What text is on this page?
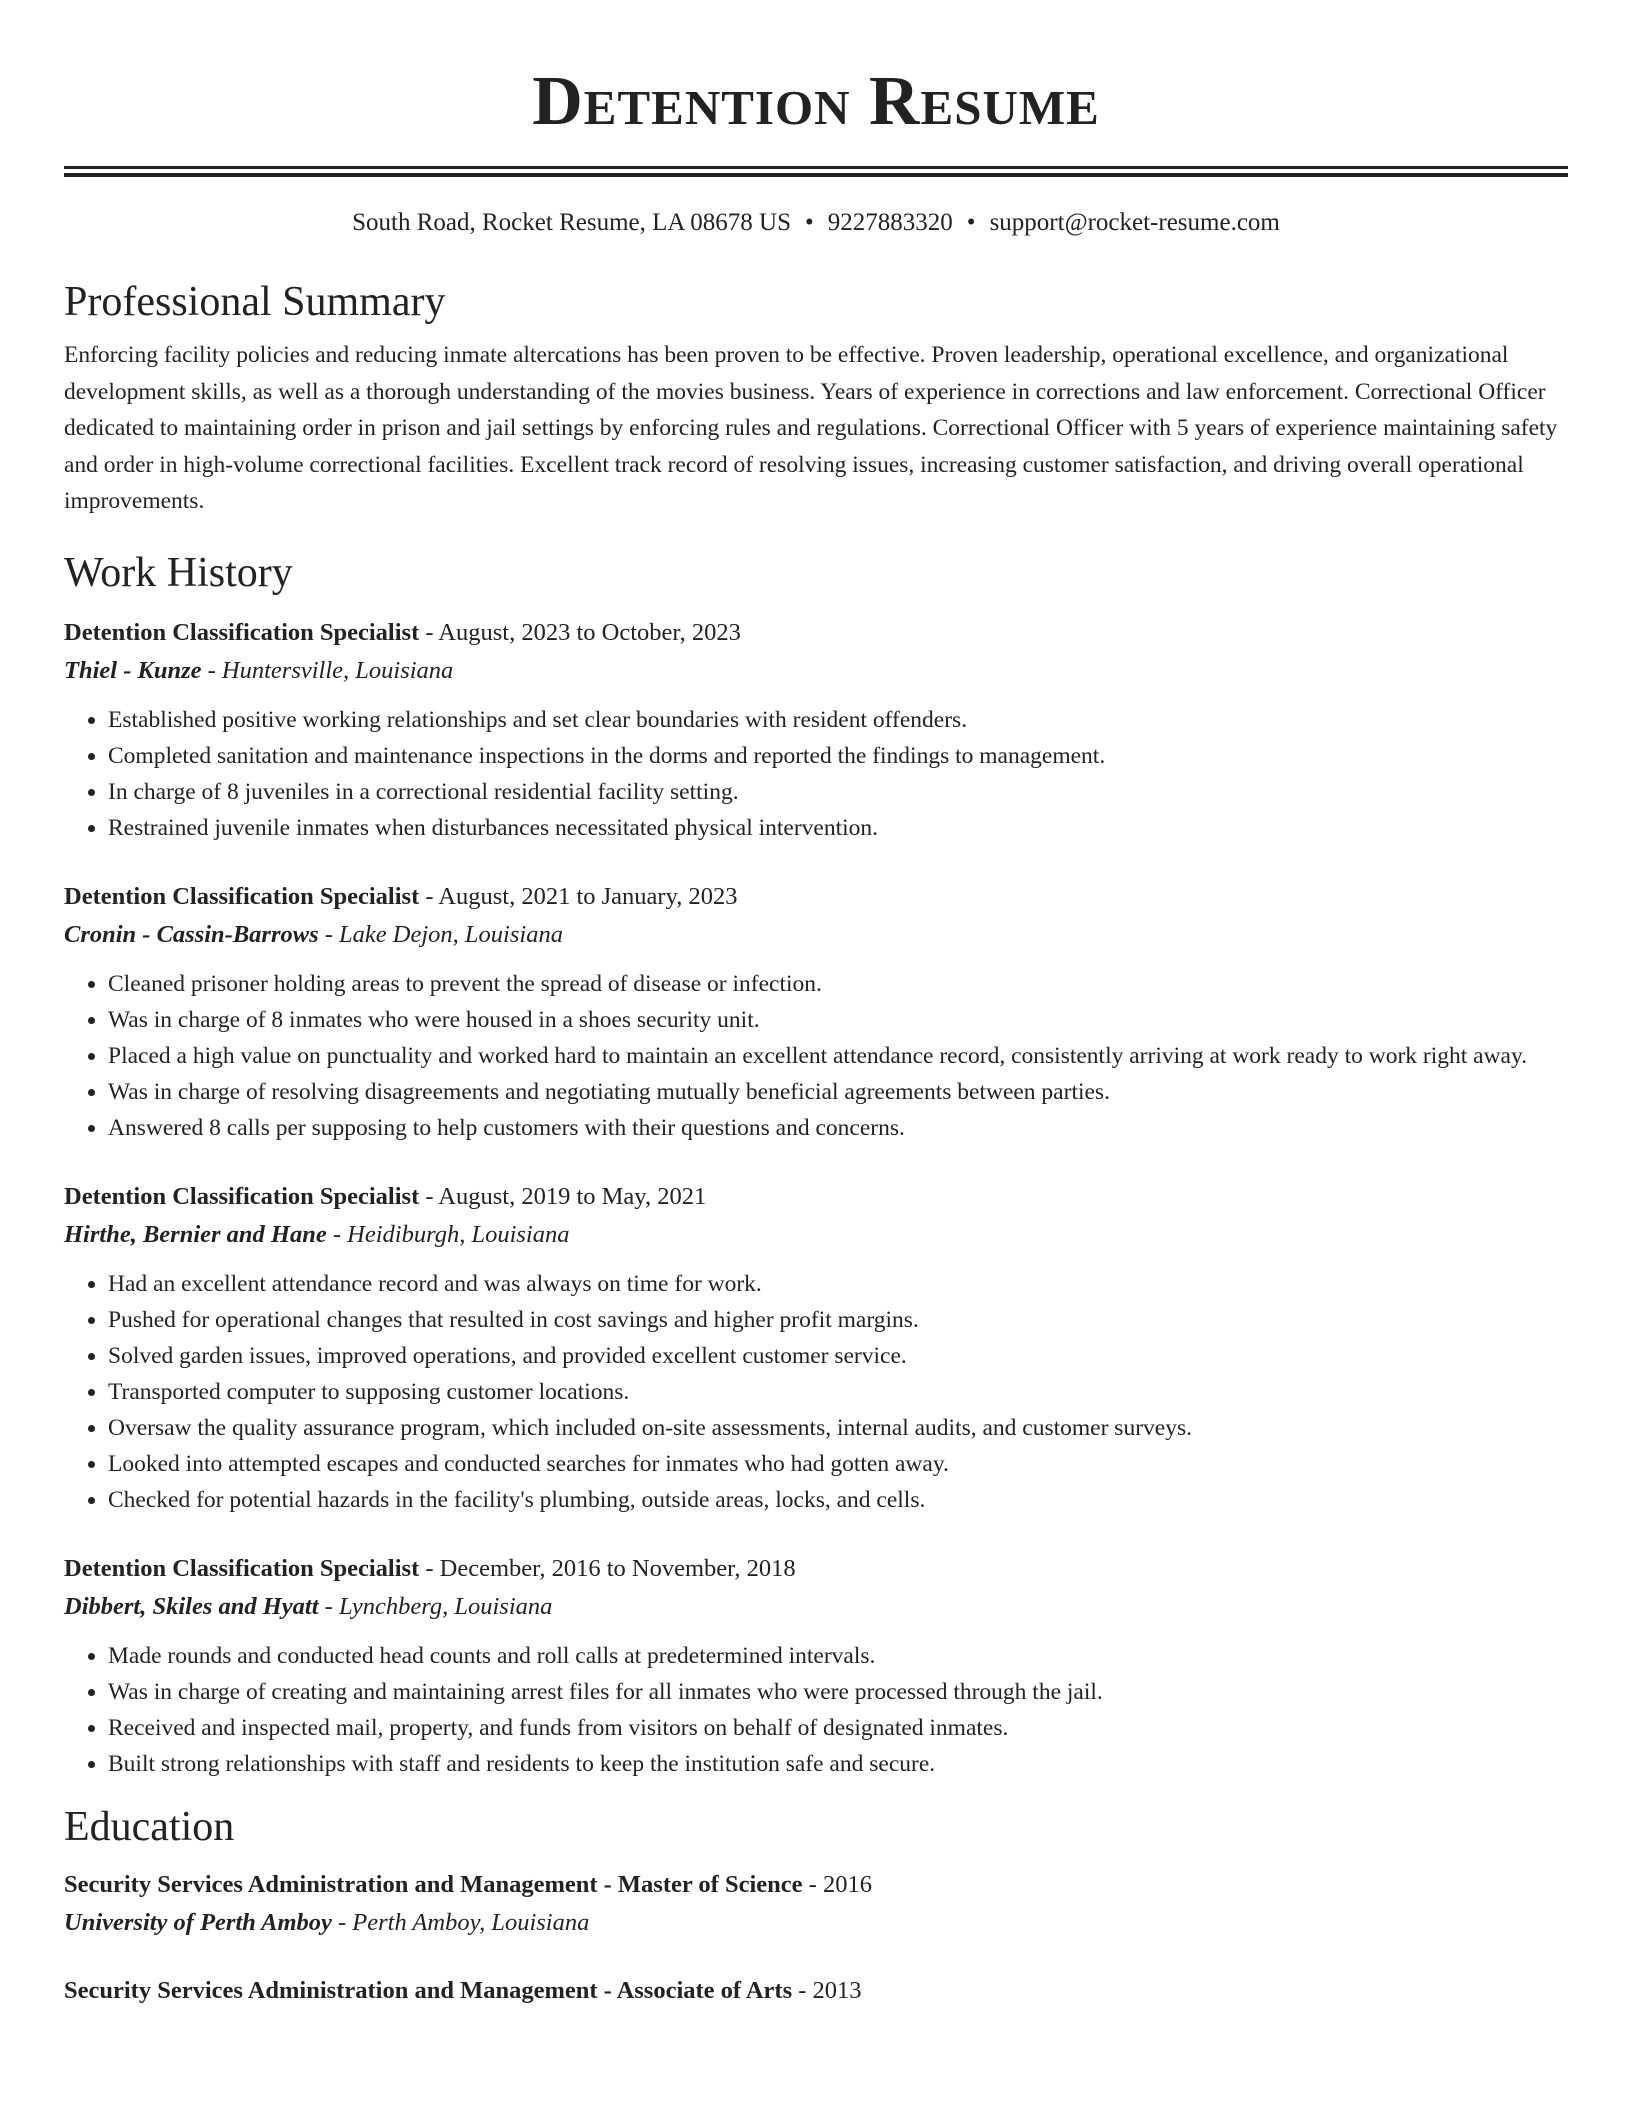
Detention Resume
South Road, Rocket Resume, LA 08678 US • 9227883320 • support@rocket-resume.com
Professional Summary

Enforcing facility policies and reducing inmate altercations has been proven to be effective. Proven leadership, operational excellence, and organizational development skills, as well as a thorough understanding of the movies business. Years of experience in corrections and law enforcement. Correctional Officer dedicated to maintaining order in prison and jail settings by enforcing rules and regulations. Correctional Officer with 5 years of experience maintaining safety and order in high-volume correctional facilities. Excellent track record of resolving issues, increasing customer satisfaction, and driving overall operational improvements.

Work History
Detention Classification Specialist - August, 2023 to October, 2023
Thiel - Kunze - Huntersville, Louisiana
• Established positive working relationships and set clear boundaries with resident offenders.
• Completed sanitation and maintenance inspections in the dorms and reported the findings to management.
• In charge of 8 juveniles in a correctional residential facility setting.
• Restrained juvenile inmates when disturbances necessitated physical intervention.
Detention Classification Specialist - August, 2021 to January, 2023
Cronin - Cassin-Barrows - Lake Dejon, Louisiana
• Cleaned prisoner holding areas to prevent the spread of disease or infection.
• Was in charge of 8 inmates who were housed in a shoes security unit.
• Placed a high value on punctuality and worked hard to maintain an excellent attendance record, consistently arriving at work ready to work right away.
• Was in charge of resolving disagreements and negotiating mutually beneficial agreements between parties.
• Answered 8 calls per supposing to help customers with their questions and concerns.
Detention Classification Specialist - August, 2019 to May, 2021
Hirthe, Bernier and Hane - Heidiburgh, Louisiana
• Had an excellent attendance record and was always on time for work.
• Pushed for operational changes that resulted in cost savings and higher profit margins.
• Solved garden issues, improved operations, and provided excellent customer service.
• Transported computer to supposing customer locations.
• Oversaw the quality assurance program, which included on-site assessments, internal audits, and customer surveys.
• Looked into attempted escapes and conducted searches for inmates who had gotten away.
• Checked for potential hazards in the facility's plumbing, outside areas, locks, and cells.
Detention Classification Specialist - December, 2016 to November, 2018
Dibbert, Skiles and Hyatt - Lynchberg, Louisiana
• Made rounds and conducted head counts and roll calls at predetermined intervals.
• Was in charge of creating and maintaining arrest files for all inmates who were processed through the jail.
• Received and inspected mail, property, and funds from visitors on behalf of designated inmates.
• Built strong relationships with staff and residents to keep the institution safe and secure.
Education
Security Services Administration and Management - Master of Science - 2016
University of Perth Amboy - Perth Amboy, Louisiana
Security Services Administration and Management - Associate of Arts - 2013
